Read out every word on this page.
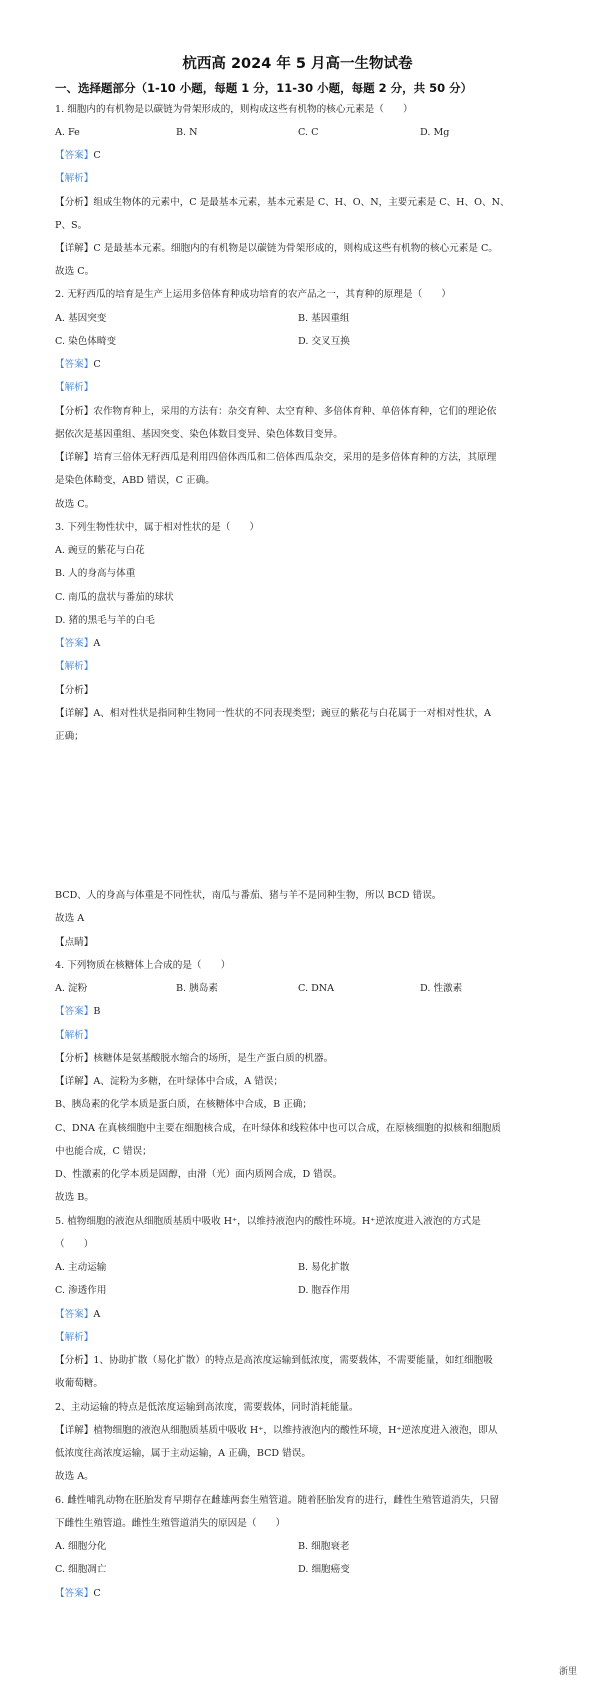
杭西高 2024 年 5 月高一生物试卷
一、选择题部分（1-10 小题，每题 1 分，11-30 小题，每题 2 分，共 50 分）
1. 细胞内的有机物是以碳链为骨架形成的，则构成这些有机物的核心元素是（　　）
A. Fe	B. N	C. C	D. Mg
【答案】C
【解析】
【分析】组成生物体的元素中，C 是最基本元素，基本元素是 C、H、O、N，主要元素是 C、H、O、N、
P、S。
【详解】C 是最基本元素。细胞内的有机物是以碳链为骨架形成的，则构成这些有机物的核心元素是 C。
故选 C。
2. 无籽西瓜的培育是生产上运用多倍体育种成功培育的农产品之一，其育种的原理是（　　）
A. 基因突变	B. 基因重组
C. 染色体畸变	D. 交叉互换
【答案】C
【解析】
【分析】农作物育种上，采用的方法有：杂交育种、太空育种、多倍体育种、单倍体育种，它们的理论依
据依次是基因重组、基因突变、染色体数目变异、染色体数目变异。
【详解】培育三倍体无籽西瓜是利用四倍体西瓜和二倍体西瓜杂交，采用的是多倍体育种的方法，其原理
是染色体畸变，ABD 错误，C 正确。
故选 C。
3. 下列生物性状中，属于相对性状的是（　　）
A. 豌豆的紫花与白花
B. 人的身高与体重
C. 南瓜的盘状与番茄的球状
D. 猪的黑毛与羊的白毛
【答案】A
【解析】
【分析】
【详解】A、相对性状是指同种生物同一性状的不同表现类型；豌豆的紫花与白花属于一对相对性状，A
正确；
BCD、人的身高与体重是不同性状，南瓜与番茄、猪与羊不是同种生物，所以 BCD 错误。
故选 A
【点睛】
4. 下列物质在核糖体上合成的是（　　）
A. 淀粉	B. 胰岛素	C. DNA	D. 性激素
【答案】B
【解析】
【分析】核糖体是氨基酸脱水缩合的场所，是生产蛋白质的机器。
【详解】A、淀粉为多糖，在叶绿体中合成，A 错误；
B、胰岛素的化学本质是蛋白质，在核糖体中合成，B 正确；
C、DNA 在真核细胞中主要在细胞核合成，在叶绿体和线粒体中也可以合成，在原核细胞的拟核和细胞质
中也能合成，C 错误；
D、性激素的化学本质是固醇，由滑（光）面内质网合成，D 错误。
故选 B。
5. 植物细胞的液泡从细胞质基质中吸收 H⁺，以维持液泡内的酸性环境。H⁺逆浓度进入液泡的方式是
（　　）
A. 主动运输	B. 易化扩散
C. 渗透作用	D. 胞吞作用
【答案】A
【解析】
【分析】1、协助扩散（易化扩散）的特点是高浓度运输到低浓度，需要载体，不需要能量，如红细胞吸
收葡萄糖。
2、主动运输的特点是低浓度运输到高浓度，需要载体，同时消耗能量。
【详解】植物细胞的液泡从细胞质基质中吸收 H⁺，以维持液泡内的酸性环境，H⁺逆浓度进入液泡，即从
低浓度往高浓度运输，属于主动运输，A 正确，BCD 错误。
故选 A。
6. 雌性哺乳动物在胚胎发育早期存在雌雄两套生殖管道。随着胚胎发育的进行，雌性生殖管道消失，只留
下雌性生殖管道。雌性生殖管道消失的原因是（　　）
A. 细胞分化	B. 细胞衰老
C. 细胞凋亡	D. 细胞癌变
【答案】C
浙里
